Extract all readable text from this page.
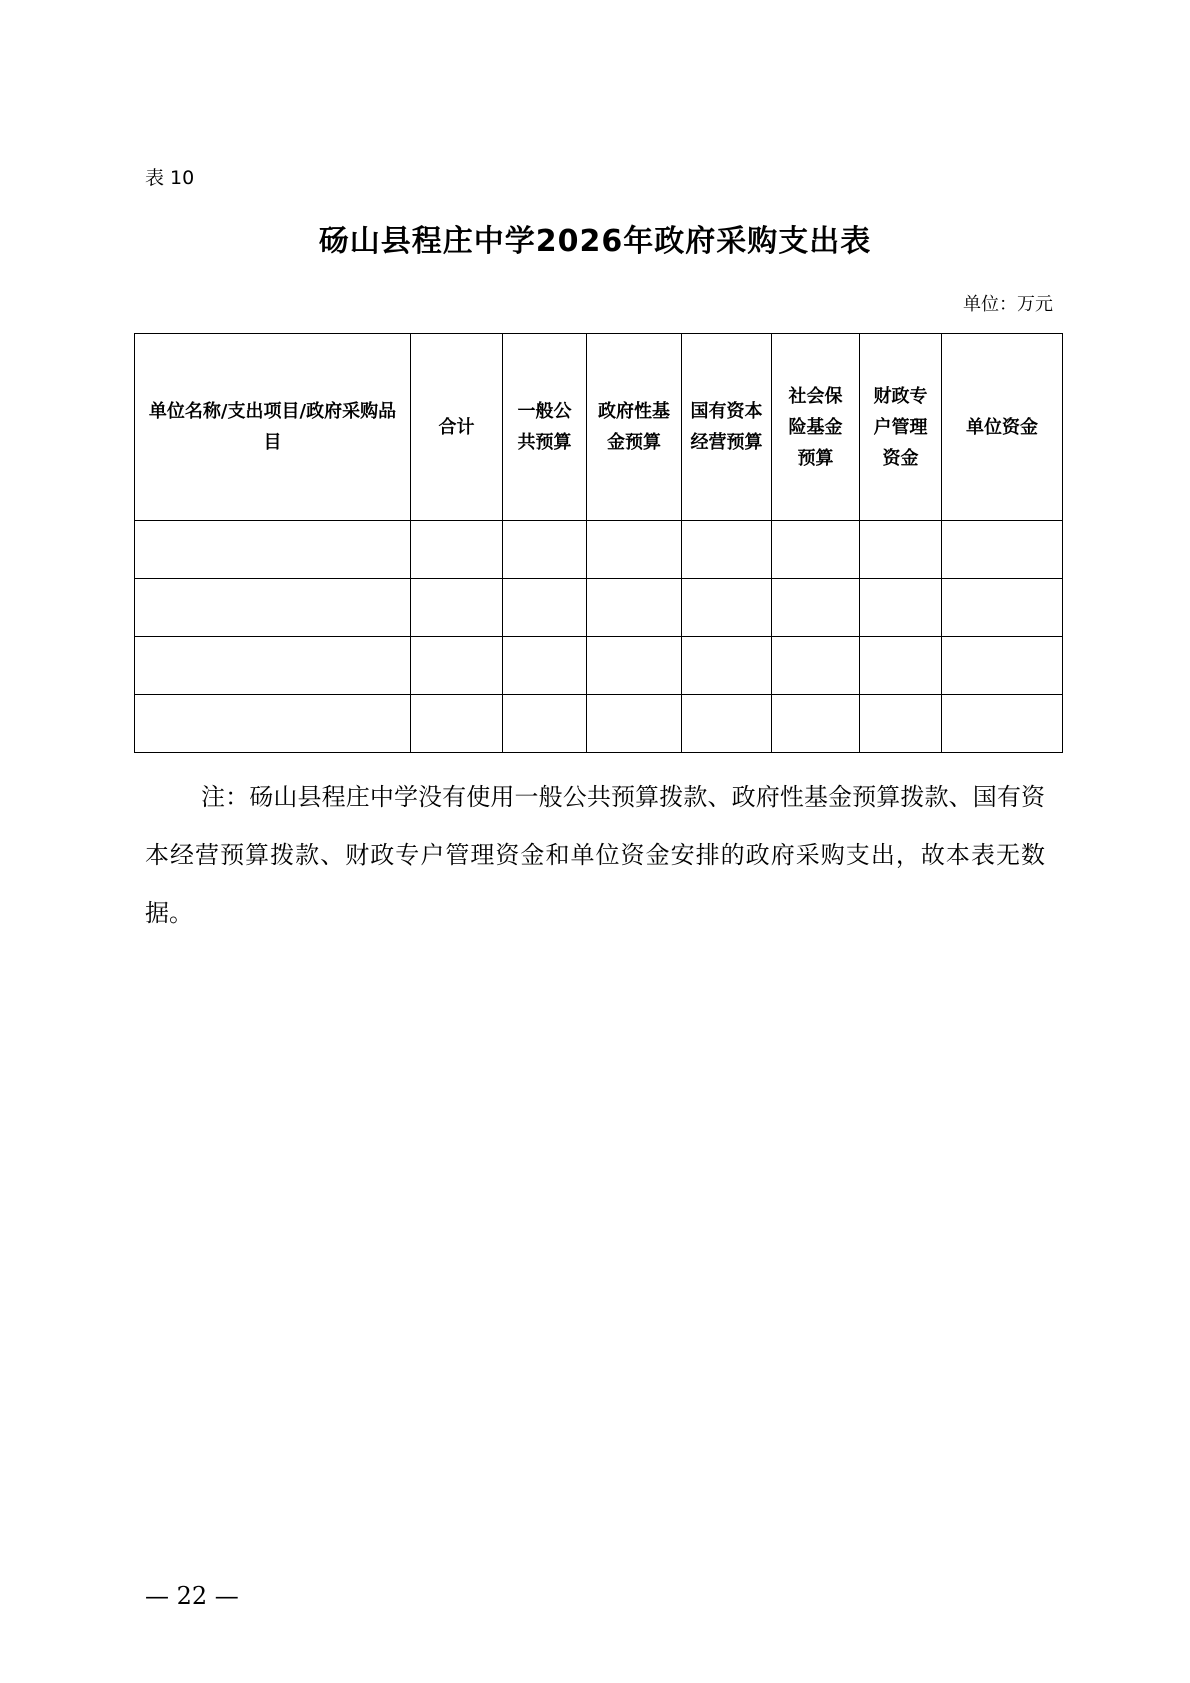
表 10
砀山县程庄中学2026年政府采购支出表
单位：万元
单位名称/支出项目/政府采购品目	合计	一般公共预算	政府性基金预算	国有资本经营预算	社会保险基金预算	财政专户管理资金	单位资金

注：砀山县程庄中学没有使用一般公共预算拨款、政府性基金预算拨款、国有资本经营预算拨款、财政专户管理资金和单位资金安排的政府采购支出，故本表无数据。

— 22 —
